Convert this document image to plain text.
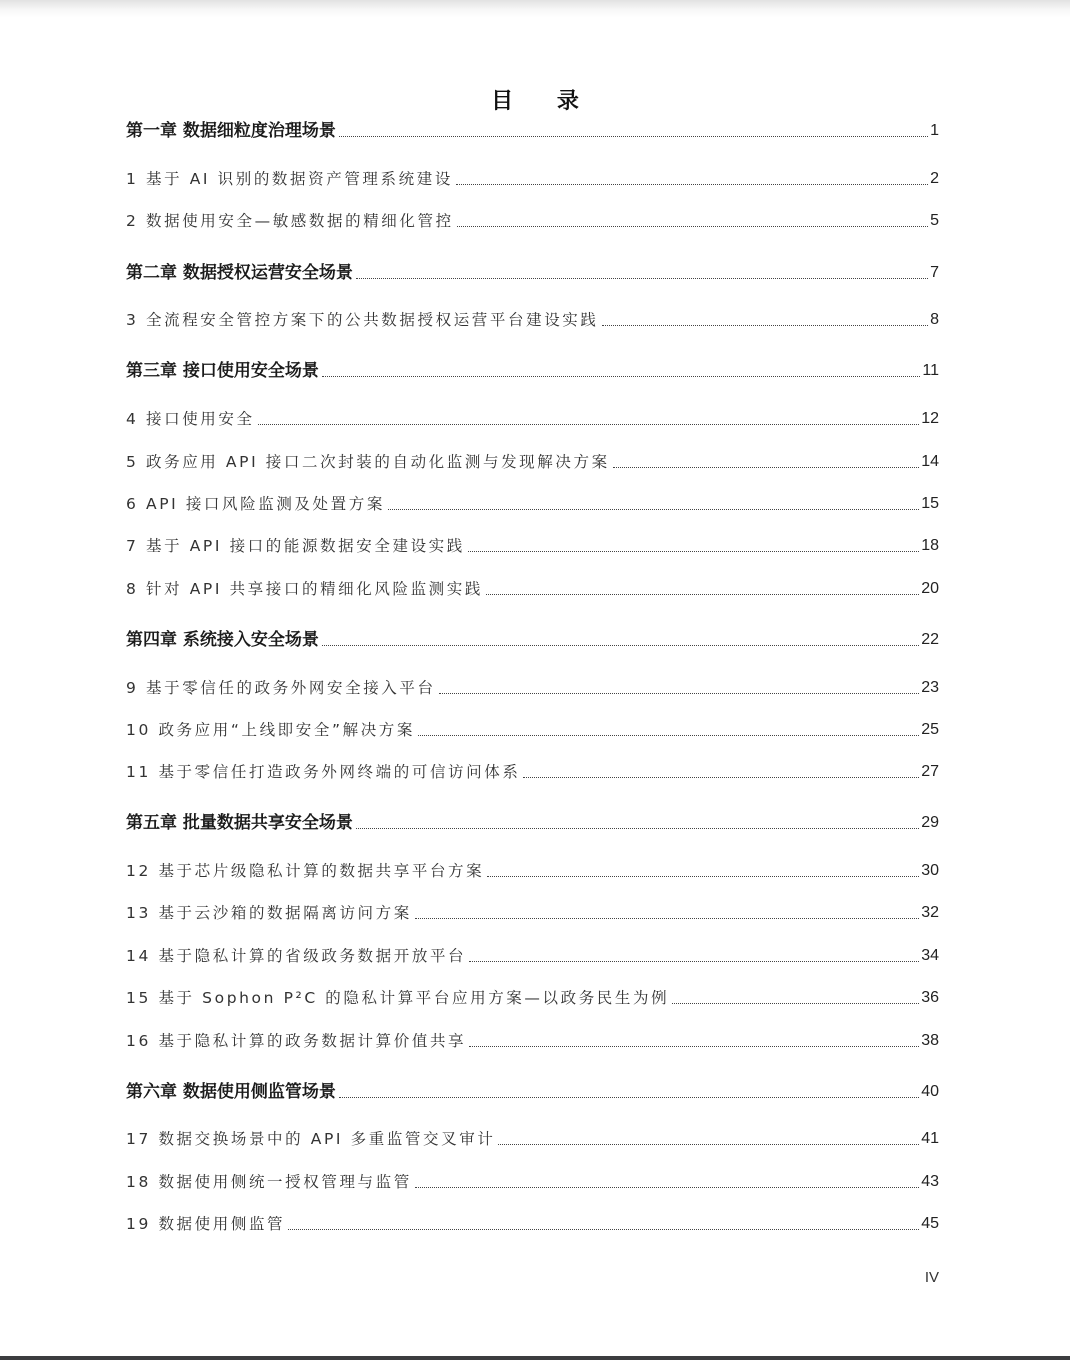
目 录
第一章 数据细粒度治理场景	1
1 基于 AI 识别的数据资产管理系统建设	2
2 数据使用安全—敏感数据的精细化管控	5
第二章 数据授权运营安全场景	7
3 全流程安全管控方案下的公共数据授权运营平台建设实践	8
第三章 接口使用安全场景	11
4 接口使用安全	12
5 政务应用 API 接口二次封装的自动化监测与发现解决方案	14
6 API 接口风险监测及处置方案	15
7 基于 API 接口的能源数据安全建设实践	18
8 针对 API 共享接口的精细化风险监测实践	20
第四章 系统接入安全场景	22
9 基于零信任的政务外网安全接入平台	23
10 政务应用“上线即安全”解决方案	25
11 基于零信任打造政务外网终端的可信访问体系	27
第五章 批量数据共享安全场景	29
12 基于芯片级隐私计算的数据共享平台方案	30
13 基于云沙箱的数据隔离访问方案	32
14 基于隐私计算的省级政务数据开放平台	34
15 基于 Sophon P²C 的隐私计算平台应用方案—以政务民生为例	36
16 基于隐私计算的政务数据计算价值共享	38
第六章 数据使用侧监管场景	40
17 数据交换场景中的 API 多重监管交叉审计	41
18 数据使用侧统一授权管理与监管	43
19 数据使用侧监管	45
IV
